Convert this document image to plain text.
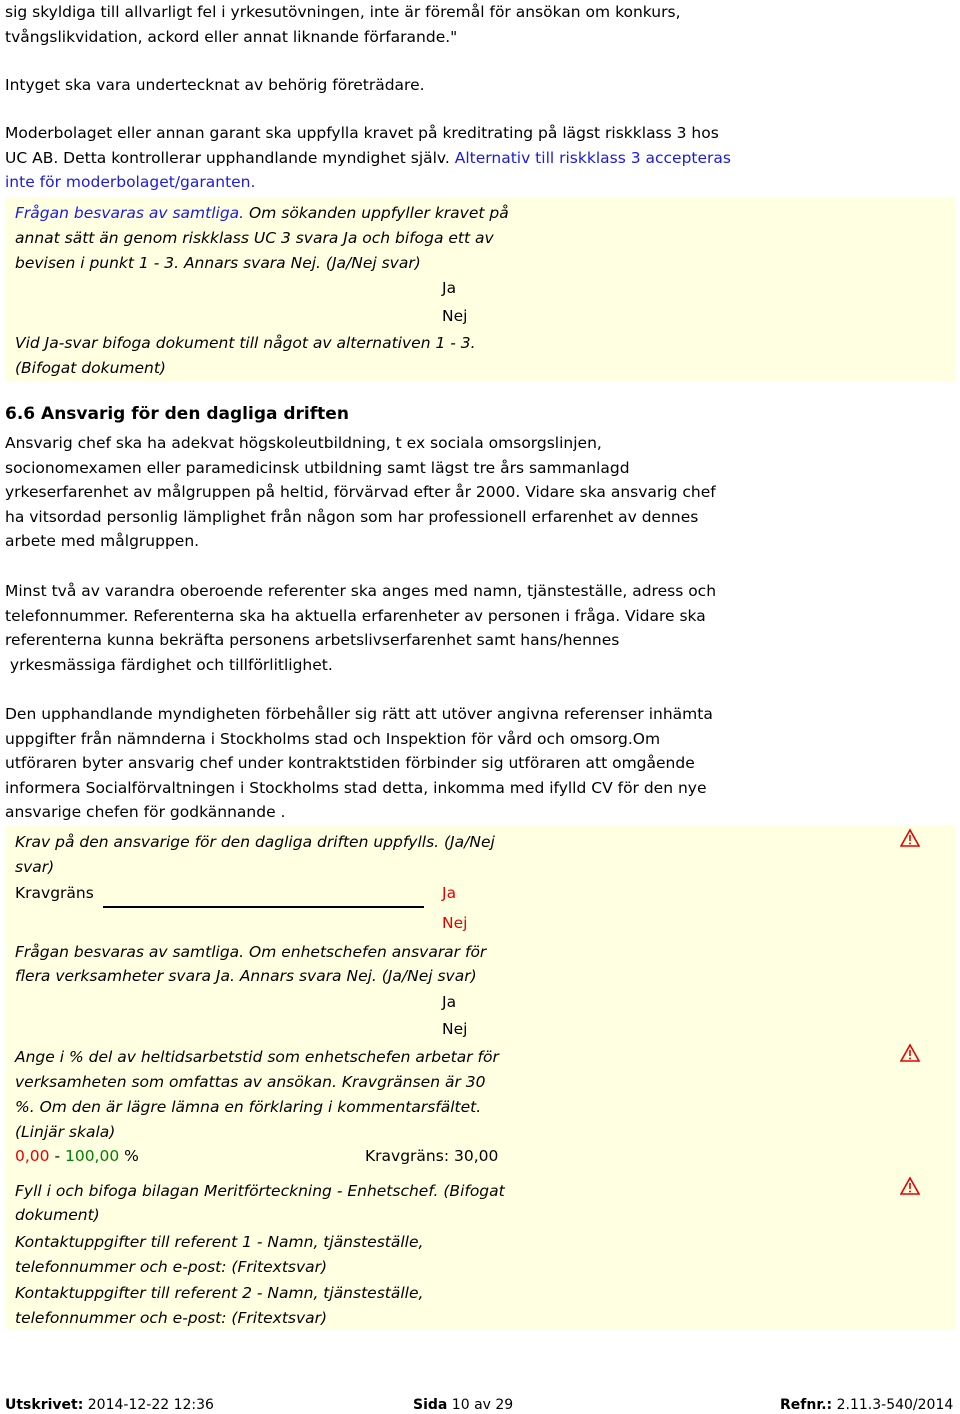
sig skyldiga till allvarligt fel i yrkesutövningen, inte är föremål för ansökan om konkurs,
tvångslikvidation, ackord eller annat liknande förfarande."
Intyget ska vara undertecknat av behörig företrädare.
Moderbolaget eller annan garant ska uppfylla kravet på kreditrating på lägst riskklass 3 hos
UC AB. Detta kontrollerar upphandlande myndighet själv. Alternativ till riskklass 3 accepteras
inte för moderbolaget/garanten.
Frågan besvaras av samtliga. Om sökanden uppfyller kravet på
annat sätt än genom riskklass UC 3 svara Ja och bifoga ett av
bevisen i punkt 1 - 3. Annars svara Nej. (Ja/Nej svar)
Ja
Nej
Vid Ja-svar bifoga dokument till något av alternativen 1 - 3.
(Bifogat dokument)
6.6 Ansvarig för den dagliga driften
Ansvarig chef ska ha adekvat högskoleutbildning, t ex sociala omsorgslinjen,
socionomexamen eller paramedicinsk utbildning samt lägst tre års sammanlagd
yrkeserfarenhet av målgruppen på heltid, förvärvad efter år 2000. Vidare ska ansvarig chef
ha vitsordad personlig lämplighet från någon som har professionell erfarenhet av dennes
arbete med målgruppen.
Minst två av varandra oberoende referenter ska anges med namn, tjänsteställe, adress och
telefonnummer. Referenterna ska ha aktuella erfarenheter av personen i fråga. Vidare ska
referenterna kunna bekräfta personens arbetslivserfarenhet samt hans/hennes
yrkesmässiga färdighet och tillförlitlighet.
Den upphandlande myndigheten förbehåller sig rätt att utöver angivna referenser inhämta
uppgifter från nämnderna i Stockholms stad och Inspektion för vård och omsorg.Om
utföraren byter ansvarig chef under kontraktstiden förbinder sig utföraren att omgående
informera Socialförvaltningen i Stockholms stad detta, inkomma med ifylld CV för den nye
ansvarige chefen för godkännande .
Krav på den ansvarige för den dagliga driften uppfylls. (Ja/Nej
svar)
Kravgräns	Ja
Nej
Frågan besvaras av samtliga. Om enhetschefen ansvarar för
flera verksamheter svara Ja. Annars svara Nej. (Ja/Nej svar)
Ja
Nej
Ange i % del av heltidsarbetstid som enhetschefen arbetar för
verksamheten som omfattas av ansökan. Kravgränsen är 30
%. Om den är lägre lämna en förklaring i kommentarsfältet.
(Linjär skala)
0,00 - 100,00 %	Kravgräns: 30,00
Fyll i och bifoga bilagan Meritförteckning - Enhetschef. (Bifogat
dokument)
Kontaktuppgifter till referent 1 - Namn, tjänsteställe,
telefonnummer och e-post: (Fritextsvar)
Kontaktuppgifter till referent 2 - Namn, tjänsteställe,
telefonnummer och e-post: (Fritextsvar)
Utskrivet: 2014-12-22 12:36	Sida 10 av 29	Refnr.: 2.11.3-540/2014
